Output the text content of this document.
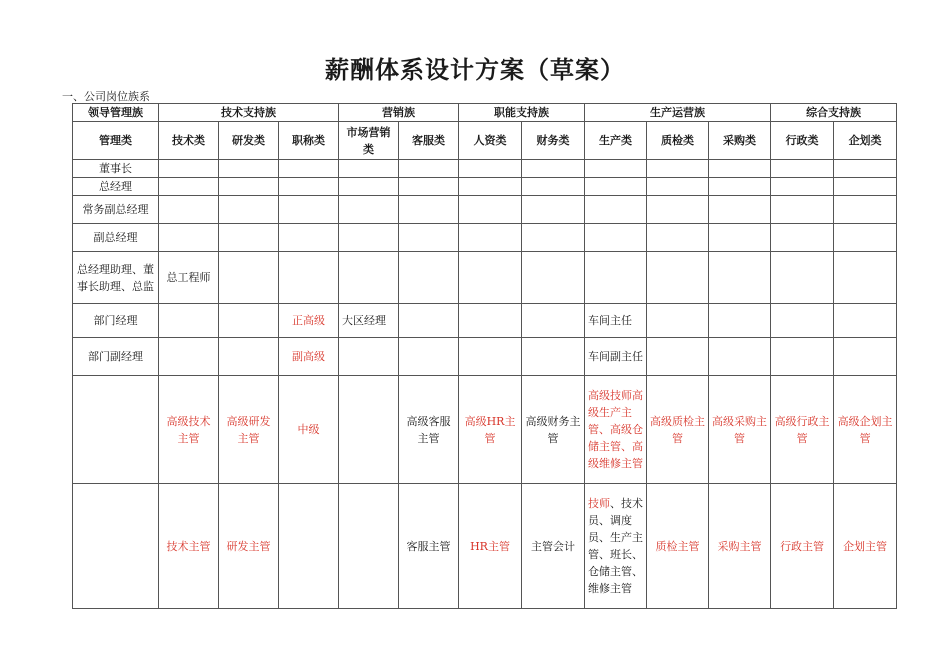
薪酬体系设计方案（草案）
一、公司岗位族系
领导管理族	技术支持族			营销族		职能支持族		生产运营族			综合支持族	
管理类	技术类	研发类	职称类	市场营销类	客服类	人资类	财务类	生产类	质检类	采购类	行政类	企划类
董事长												
总经理												
常务副总经理												
副总经理												
总经理助理、董事长助理、总监	总工程师											
部门经理			正高级	大区经理				车间主任				
部门副经理			副高级					车间副主任				
	高级技术主管	高级研发主管	中级		高级客服主管	高级HR主管	高级财务主管	高级技师高级生产主管、高级仓储主管、高级维修主管	高级质检主管	高级采购主管	高级行政主管	高级企划主管
	技术主管	研发主管			客服主管	HR主管	主管会计	技师、技术员、调度员、生产主管、班长、仓储主管、维修主管	质检主管	采购主管	行政主管	企划主管
